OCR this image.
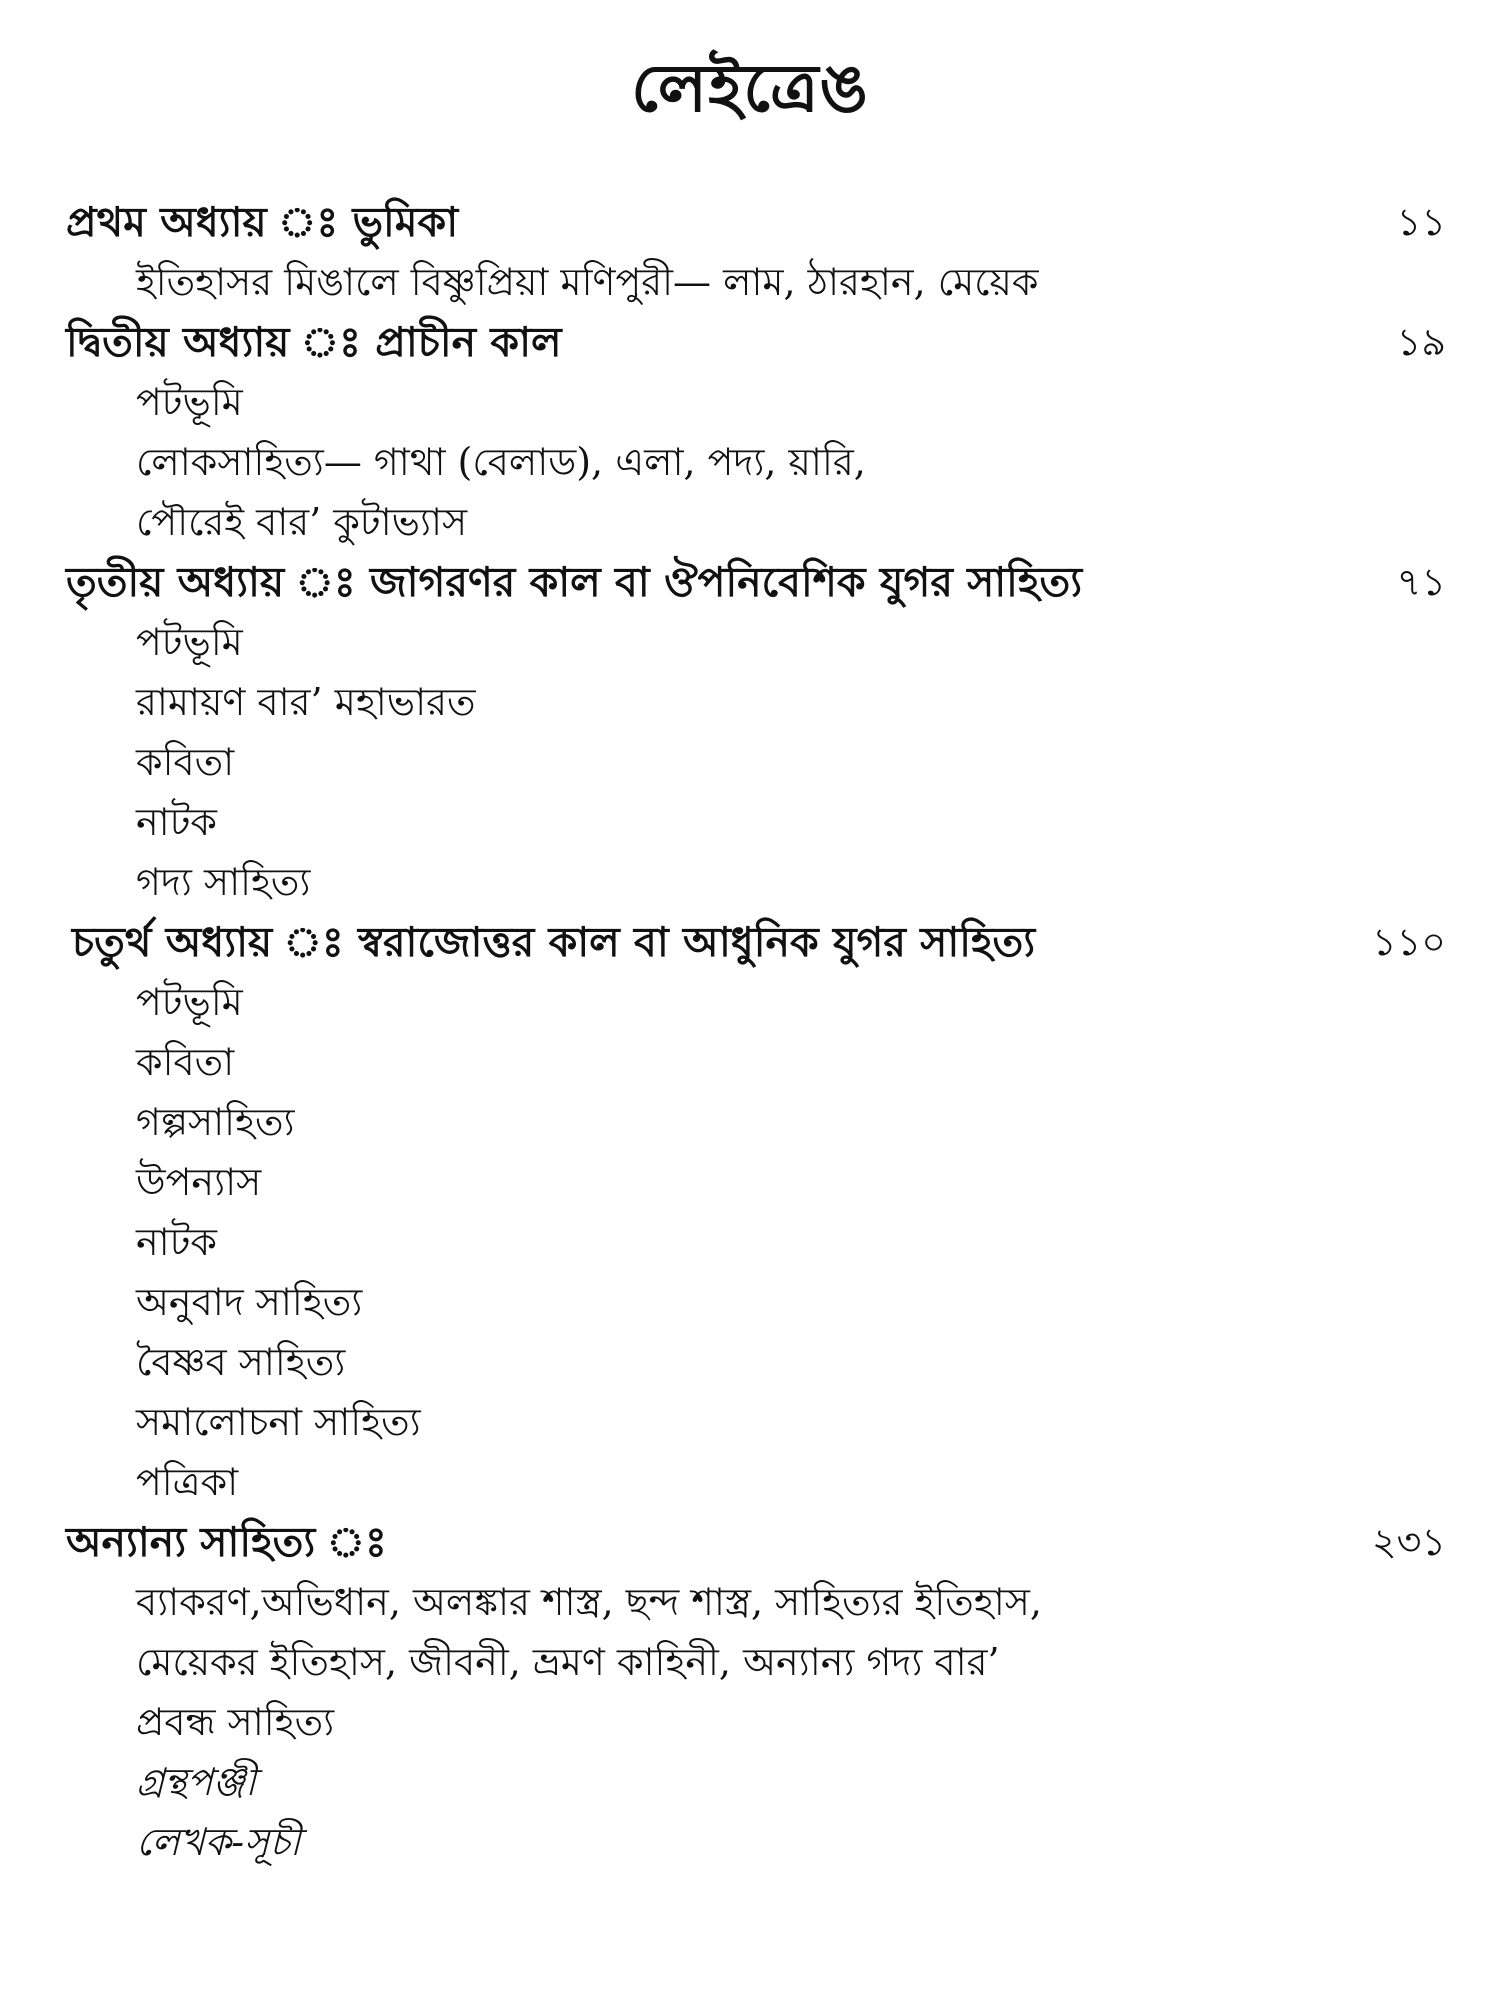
লেইত্রেঙ
প্রথম অধ্যায় ঃ ভুমিকা	১১
ইতিহাসর মিঙালে বিষ্ণুপ্রিয়া মণিপুরী— লাম, ঠারহান, মেয়েক
দ্বিতীয় অধ্যায় ঃ প্রাচীন কাল	১৯
পটভূমি
লোকসাহিত্য— গাথা (বেলাড), এলা, পদ্য, য়ারি,
পৌরেই বার’ কুটাভ্যাস
তৃতীয় অধ্যায় ঃ জাগরণর কাল বা ঔপনিবেশিক যুগর সাহিত্য	৭১
পটভূমি
রামায়ণ বার’ মহাভারত
কবিতা
নাটক
গদ্য সাহিত্য
চতুর্থ অধ্যায় ঃ স্বরাজোত্তর কাল বা আধুনিক যুগর সাহিত্য	১১০
পটভূমি
কবিতা
গল্পসাহিত্য
উপন্যাস
নাটক
অনুবাদ সাহিত্য
বৈষ্ণব সাহিত্য
সমালোচনা সাহিত্য
পত্রিকা
অন্যান্য সাহিত্য ঃ	২৩১
ব্যাকরণ,অভিধান, অলঙ্কার শাস্ত্র, ছন্দ শাস্ত্র, সাহিত্যর ইতিহাস,
মেয়েকর ইতিহাস, জীবনী, ভ্রমণ কাহিনী, অন্যান্য গদ্য বার’
প্রবন্ধ সাহিত্য
গ্রন্থপঞ্জী
লেখক-সূচী
